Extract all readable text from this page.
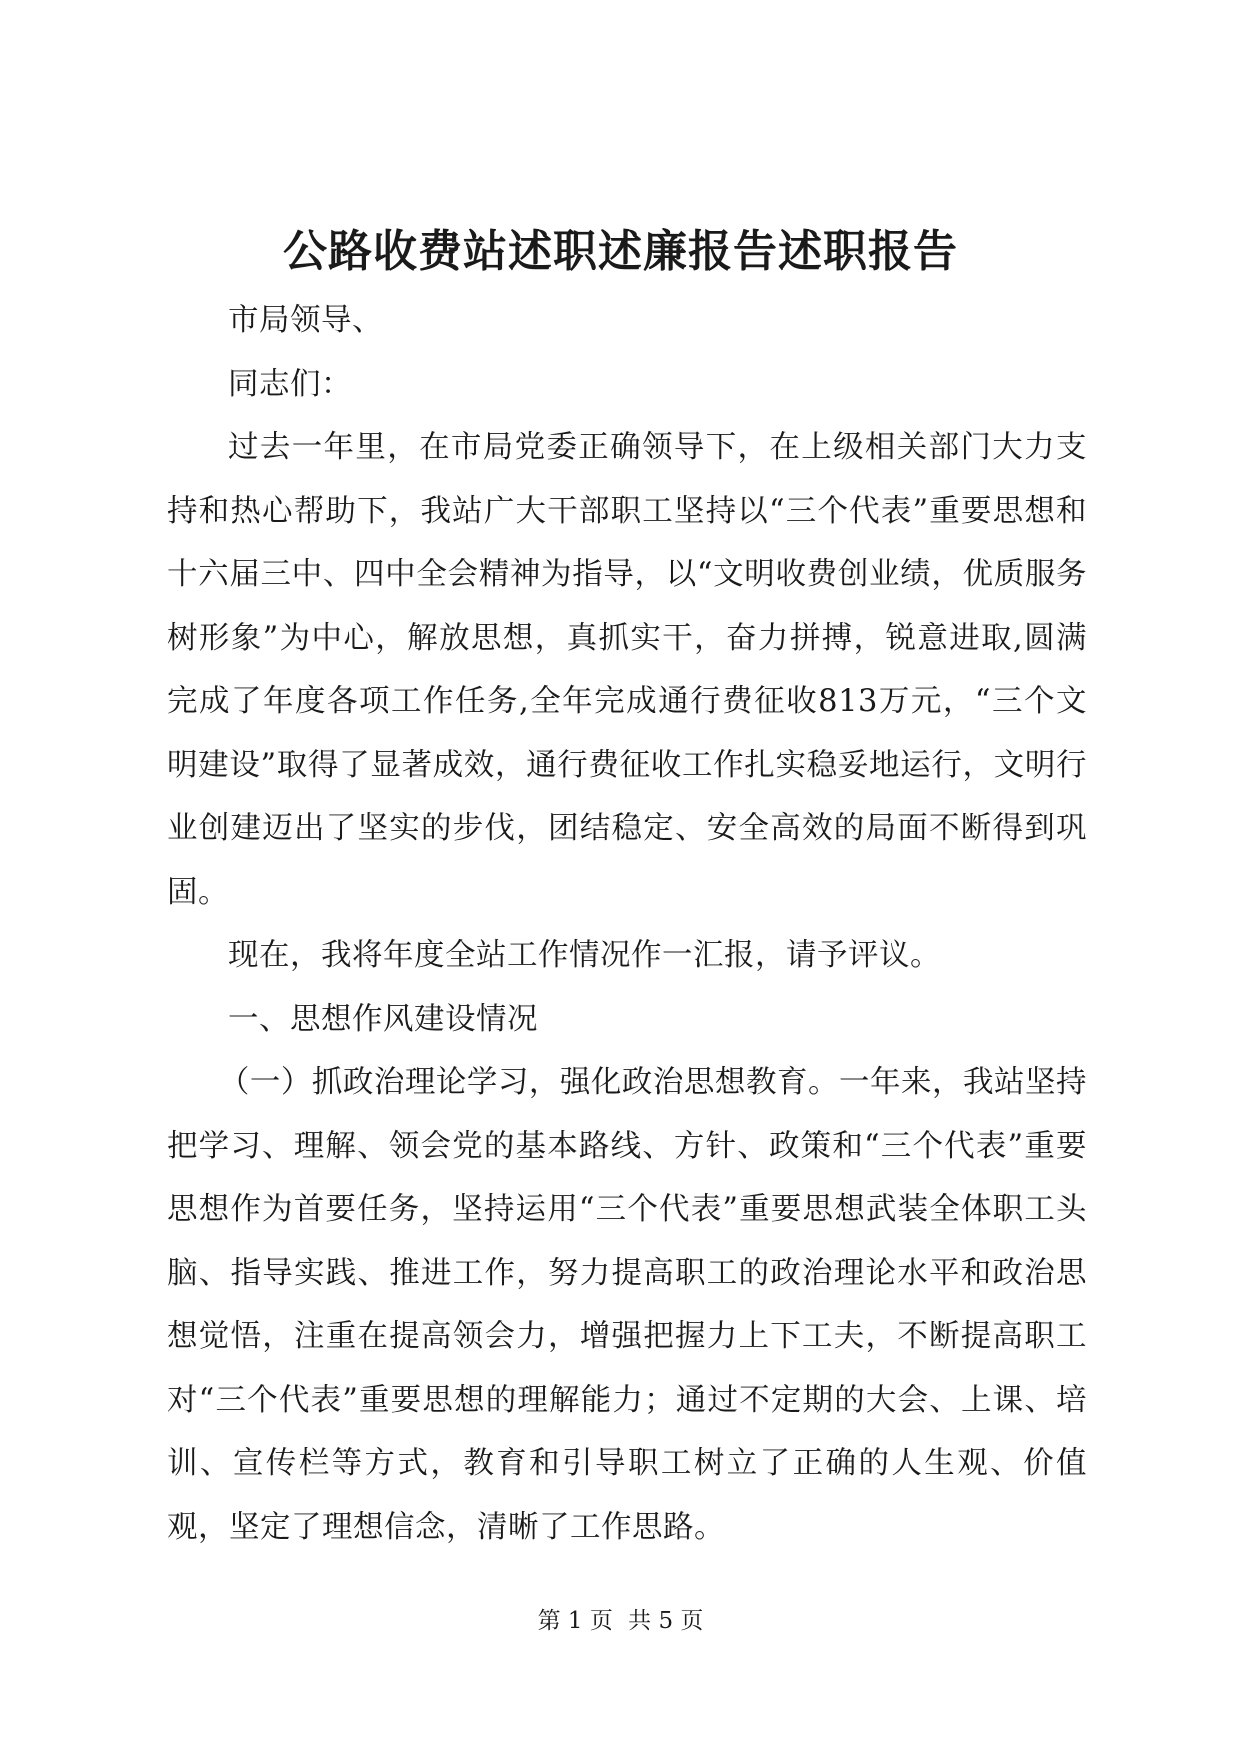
公路收费站述职述廉报告述职报告

市局领导、

同志们：

过去一年里，在市局党委正确领导下，在上级相关部门大力支持和热心帮助下，我站广大干部职工坚持以“三个代表”重要思想和十六届三中、四中全会精神为指导，以“文明收费创业绩，优质服务树形象”为中心，解放思想，真抓实干，奋力拼搏，锐意进取,圆满完成了年度各项工作任务,全年完成通行费征收813万元，“三个文明建设”取得了显著成效，通行费征收工作扎实稳妥地运行，文明行业创建迈出了坚实的步伐，团结稳定、安全高效的局面不断得到巩固。

现在，我将年度全站工作情况作一汇报，请予评议。

一、思想作风建设情况

（一）抓政治理论学习，强化政治思想教育。一年来，我站坚持把学习、理解、领会党的基本路线、方针、政策和“三个代表”重要思想作为首要任务，坚持运用“三个代表”重要思想武装全体职工头脑、指导实践、推进工作，努力提高职工的政治理论水平和政治思想觉悟，注重在提高领会力，增强把握力上下工夫，不断提高职工对“三个代表”重要思想的理解能力；通过不定期的大会、上课、培训、宣传栏等方式，教育和引导职工树立了正确的人生观、价值观，坚定了理想信念，清晰了工作思路。

第 1 页 共 5 页
